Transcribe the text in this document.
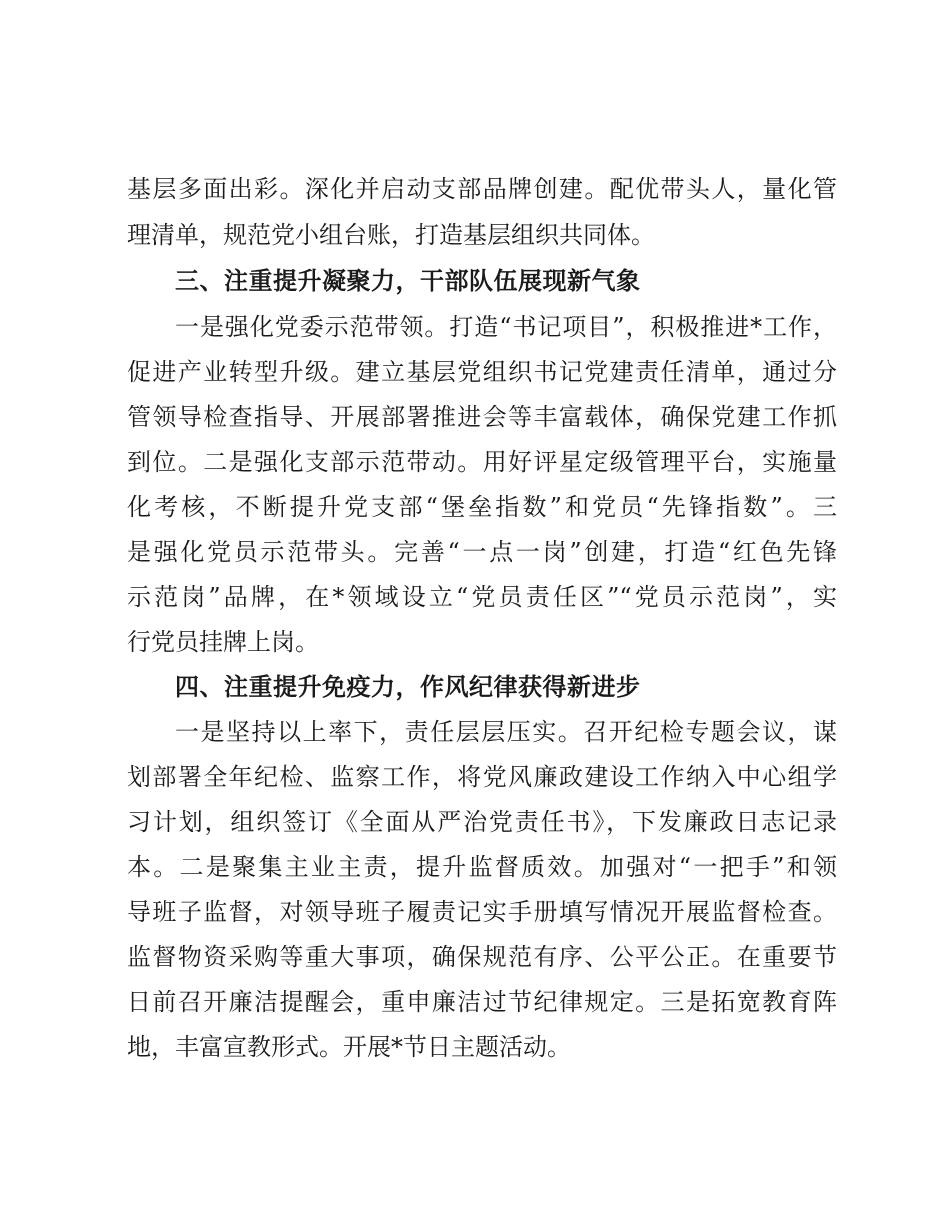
基层多面出彩。深化并启动支部品牌创建。配优带头人，量化管
理清单，规范党小组台账，打造基层组织共同体。
三、注重提升凝聚力，干部队伍展现新气象
一是强化党委示范带领。打造“书记项目”，积极推进*工作，
促进产业转型升级。建立基层党组织书记党建责任清单，通过分
管领导检查指导、开展部署推进会等丰富载体，确保党建工作抓
到位。二是强化支部示范带动。用好评星定级管理平台，实施量
化考核，不断提升党支部“堡垒指数”和党员“先锋指数”。三
是强化党员示范带头。完善“一点一岗”创建，打造“红色先锋
示范岗”品牌，在*领域设立“党员责任区”“党员示范岗”，实
行党员挂牌上岗。
四、注重提升免疫力，作风纪律获得新进步
一是坚持以上率下，责任层层压实。召开纪检专题会议，谋
划部署全年纪检、监察工作，将党风廉政建设工作纳入中心组学
习计划，组织签订《全面从严治党责任书》，下发廉政日志记录
本。二是聚集主业主责，提升监督质效。加强对“一把手”和领
导班子监督，对领导班子履责记实手册填写情况开展监督检查。
监督物资采购等重大事项，确保规范有序、公平公正。在重要节
日前召开廉洁提醒会，重申廉洁过节纪律规定。三是拓宽教育阵
地，丰富宣教形式。开展*节日主题活动。
